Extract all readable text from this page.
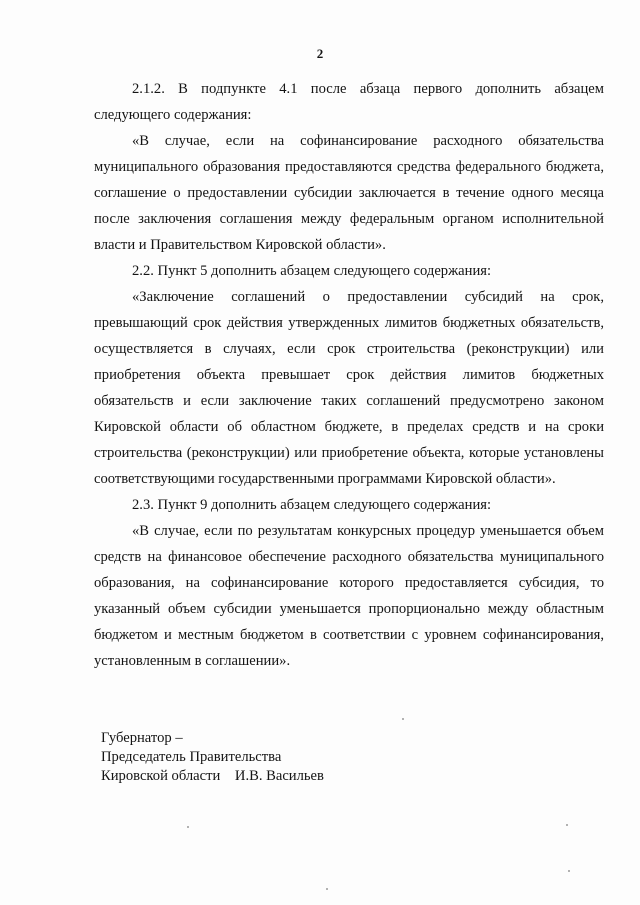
2

2.1.2. В подпункте 4.1 после абзаца первого дополнить абзацем следующего содержания:

«В случае, если на софинансирование расходного обязательства муниципального образования предоставляются средства федерального бюджета, соглашение о предоставлении субсидии заключается в течение одного месяца после заключения соглашения между федеральным органом исполнительной власти и Правительством Кировской области».

2.2. Пункт 5 дополнить абзацем следующего содержания:

«Заключение соглашений о предоставлении субсидий на срок, превышающий срок действия утвержденных лимитов бюджетных обязательств, осуществляется в случаях, если срок строительства (реконструкции) или приобретения объекта превышает срок действия лимитов бюджетных обязательств и если заключение таких соглашений предусмотрено законом Кировской области об областном бюджете, в пределах средств и на сроки строительства (реконструкции) или приобретение объекта, которые установлены соответствующими государственными программами Кировской области».

2.3. Пункт 9 дополнить абзацем следующего содержания:

«В случае, если по результатам конкурсных процедур уменьшается объем средств на финансовое обеспечение расходного обязательства муниципального образования, на софинансирование которого предоставляется субсидия, то указанный объем субсидии уменьшается пропорционально между областным бюджетом и местным бюджетом в соответствии с уровнем софинансирования, установленным в соглашении».

Губернатор –
Председатель Правительства
Кировской области    И.В. Васильев
